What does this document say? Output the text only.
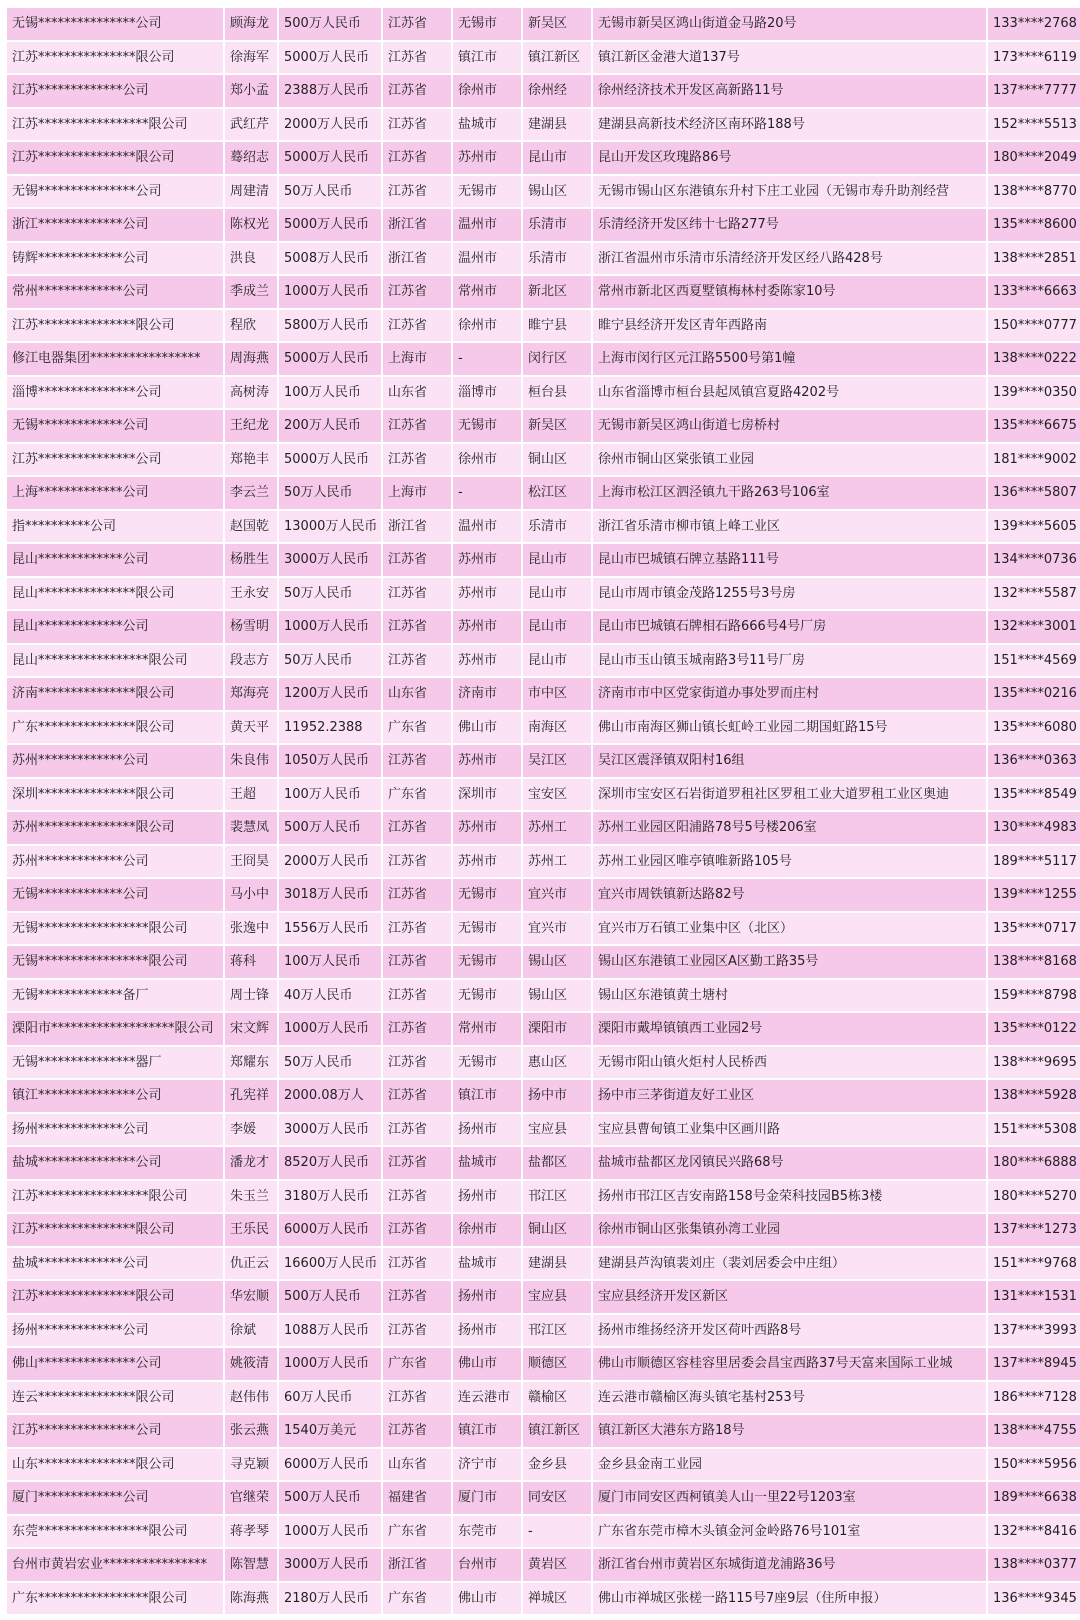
无锡***************公司	顾海龙	500万人民币	江苏省	无锡市	新吴区	无锡市新吴区鸿山街道金马路20号	133****2768
江苏***************限公司	徐海军	5000万人民币	江苏省	镇江市	镇江新区	镇江新区金港大道137号	173****6119
江苏*************公司	郑小孟	2388万人民币	江苏省	徐州市	徐州经	徐州经济技术开发区高新路11号	137****7777
江苏*****************限公司	武红芹	2000万人民币	江苏省	盐城市	建湖县	建湖县高新技术经济区南环路188号	152****5513
江苏***************限公司	蓦绍志	5000万人民币	江苏省	苏州市	昆山市	昆山开发区玫瑰路86号	180****2049
无锡***************公司	周建清	50万人民币	江苏省	无锡市	锡山区	无锡市锡山区东港镇东升村下庄工业园（无锡市寿升助剂经营	138****8770
浙江*************公司	陈权光	5000万人民币	浙江省	温州市	乐清市	乐清经济开发区纬十七路277号	135****8600
铸辉*************公司	洪良	5008万人民币	浙江省	温州市	乐清市	浙江省温州市乐清市乐清经济开发区经八路428号	138****2851
常州*************公司	季成兰	1000万人民币	江苏省	常州市	新北区	常州市新北区西夏墅镇梅林村委陈家10号	133****6663
江苏***************限公司	程欣	5800万人民币	江苏省	徐州市	睢宁县	睢宁县经济开发区青年西路南	150****0777
修江电器集团*****************	周海燕	5000万人民币	上海市	-	闵行区	上海市闵行区元江路5500号第1幢	138****0222
淄博***************公司	高树涛	100万人民币	山东省	淄博市	桓台县	山东省淄博市桓台县起凤镇宫夏路4202号	139****0350
无锡*************公司	王纪龙	200万人民币	江苏省	无锡市	新吴区	无锡市新吴区鸿山街道七房桥村	135****6675
江苏***************公司	郑艳丰	5000万人民币	江苏省	徐州市	铜山区	徐州市铜山区棠张镇工业园	181****9002
上海*************公司	李云兰	50万人民币	上海市	-	松江区	上海市松江区泗泾镇九干路263号106室	136****5807
指**********公司	赵国乾	13000万人民币	浙江省	温州市	乐清市	浙江省乐清市柳市镇上峰工业区	139****5605
昆山*************公司	杨胜生	3000万人民币	江苏省	苏州市	昆山市	昆山市巴城镇石牌立基路111号	134****0736
昆山***************限公司	王永安	50万人民币	江苏省	苏州市	昆山市	昆山市周市镇金茂路1255号3号房	132****5587
昆山*************公司	杨雪明	1000万人民币	江苏省	苏州市	昆山市	昆山市巴城镇石牌相石路666号4号厂房	132****3001
昆山*****************限公司	段志方	50万人民币	江苏省	苏州市	昆山市	昆山市玉山镇玉城南路3号11号厂房	151****4569
济南***************限公司	郑海亮	1200万人民币	山东省	济南市	市中区	济南市市中区党家街道办事处罗而庄村	135****0216
广东***************限公司	黄天平	11952.2388	广东省	佛山市	南海区	佛山市南海区狮山镇长虹岭工业园二期国虹路15号	135****6080
苏州*************公司	朱良伟	1050万人民币	江苏省	苏州市	吴江区	吴江区震泽镇双阳村16组	136****0363
深圳***************限公司	王超	100万人民币	广东省	深圳市	宝安区	深圳市宝安区石岩街道罗租社区罗租工业大道罗租工业区奥迪	135****8549
苏州***************限公司	裴慧凤	500万人民币	江苏省	苏州市	苏州工	苏州工业园区阳浦路78号5号楼206室	130****4983
苏州*************公司	王冏昊	2000万人民币	江苏省	苏州市	苏州工	苏州工业园区唯亭镇唯新路105号	189****5117
无锡*************公司	马小中	3018万人民币	江苏省	无锡市	宜兴市	宜兴市周铁镇新达路82号	139****1255
无锡*****************限公司	张逸中	1556万人民币	江苏省	无锡市	宜兴市	宜兴市万石镇工业集中区（北区）	135****0717
无锡*****************限公司	蒋科	100万人民币	江苏省	无锡市	锡山区	锡山区东港镇工业园区A区勤工路35号	138****8168
无锡*************备厂	周士锋	40万人民币	江苏省	无锡市	锡山区	锡山区东港镇黄土塘村	159****8798
溧阳市*******************限公司	宋文辉	1000万人民币	江苏省	常州市	溧阳市	溧阳市戴埠镇镇西工业园2号	135****0122
无锡***************器厂	郑耀东	50万人民币	江苏省	无锡市	惠山区	无锡市阳山镇火炬村人民桥西	138****9695
镇江***************公司	孔宪祥	2000.08万人	江苏省	镇江市	扬中市	扬中市三茅街道友好工业区	138****5928
扬州*************公司	李媛	3000万人民币	江苏省	扬州市	宝应县	宝应县曹甸镇工业集中区画川路	151****5308
盐城***************公司	潘龙才	8520万人民币	江苏省	盐城市	盐都区	盐城市盐都区龙冈镇民兴路68号	180****6888
江苏*****************限公司	朱玉兰	3180万人民币	江苏省	扬州市	邗江区	扬州市邗江区吉安南路158号金荣科技园B5栋3楼	180****5270
江苏***************限公司	王乐民	6000万人民币	江苏省	徐州市	铜山区	徐州市铜山区张集镇孙湾工业园	137****1273
盐城*************公司	仇正云	16600万人民币	江苏省	盐城市	建湖县	建湖县芦沟镇裴刘庄（裴刘居委会中庄组）	151****9768
江苏***************限公司	华宏顺	500万人民币	江苏省	扬州市	宝应县	宝应县经济开发区新区	131****1531
扬州*************公司	徐斌	1088万人民币	江苏省	扬州市	邗江区	扬州市维扬经济开发区荷叶西路8号	137****3993
佛山***************公司	姚筱清	1000万人民币	广东省	佛山市	顺德区	佛山市顺德区容桂容里居委会昌宝西路37号天富来国际工业城	137****8945
连云***************限公司	赵伟伟	60万人民币	江苏省	连云港市	赣榆区	连云港市赣榆区海头镇宅基村253号	186****7128
江苏***************公司	张云燕	1540万美元	江苏省	镇江市	镇江新区	镇江新区大港东方路18号	138****4755
山东***************限公司	寻克颖	6000万人民币	山东省	济宁市	金乡县	金乡县金南工业园	150****5956
厦门*************公司	官继荣	500万人民币	福建省	厦门市	同安区	厦门市同安区西柯镇美人山一里22号1203室	189****6638
东莞*****************限公司	蒋孝琴	1000万人民币	广东省	东莞市	-	广东省东莞市樟木头镇金河金岭路76号101室	132****8416
台州市黄岩宏业****************	陈智慧	3000万人民币	浙江省	台州市	黄岩区	浙江省台州市黄岩区东城街道龙浦路36号	138****0377
广东*****************限公司	陈海燕	2180万人民币	广东省	佛山市	禅城区	佛山市禅城区张槎一路115号7座9层（住所申报）	136****9345
